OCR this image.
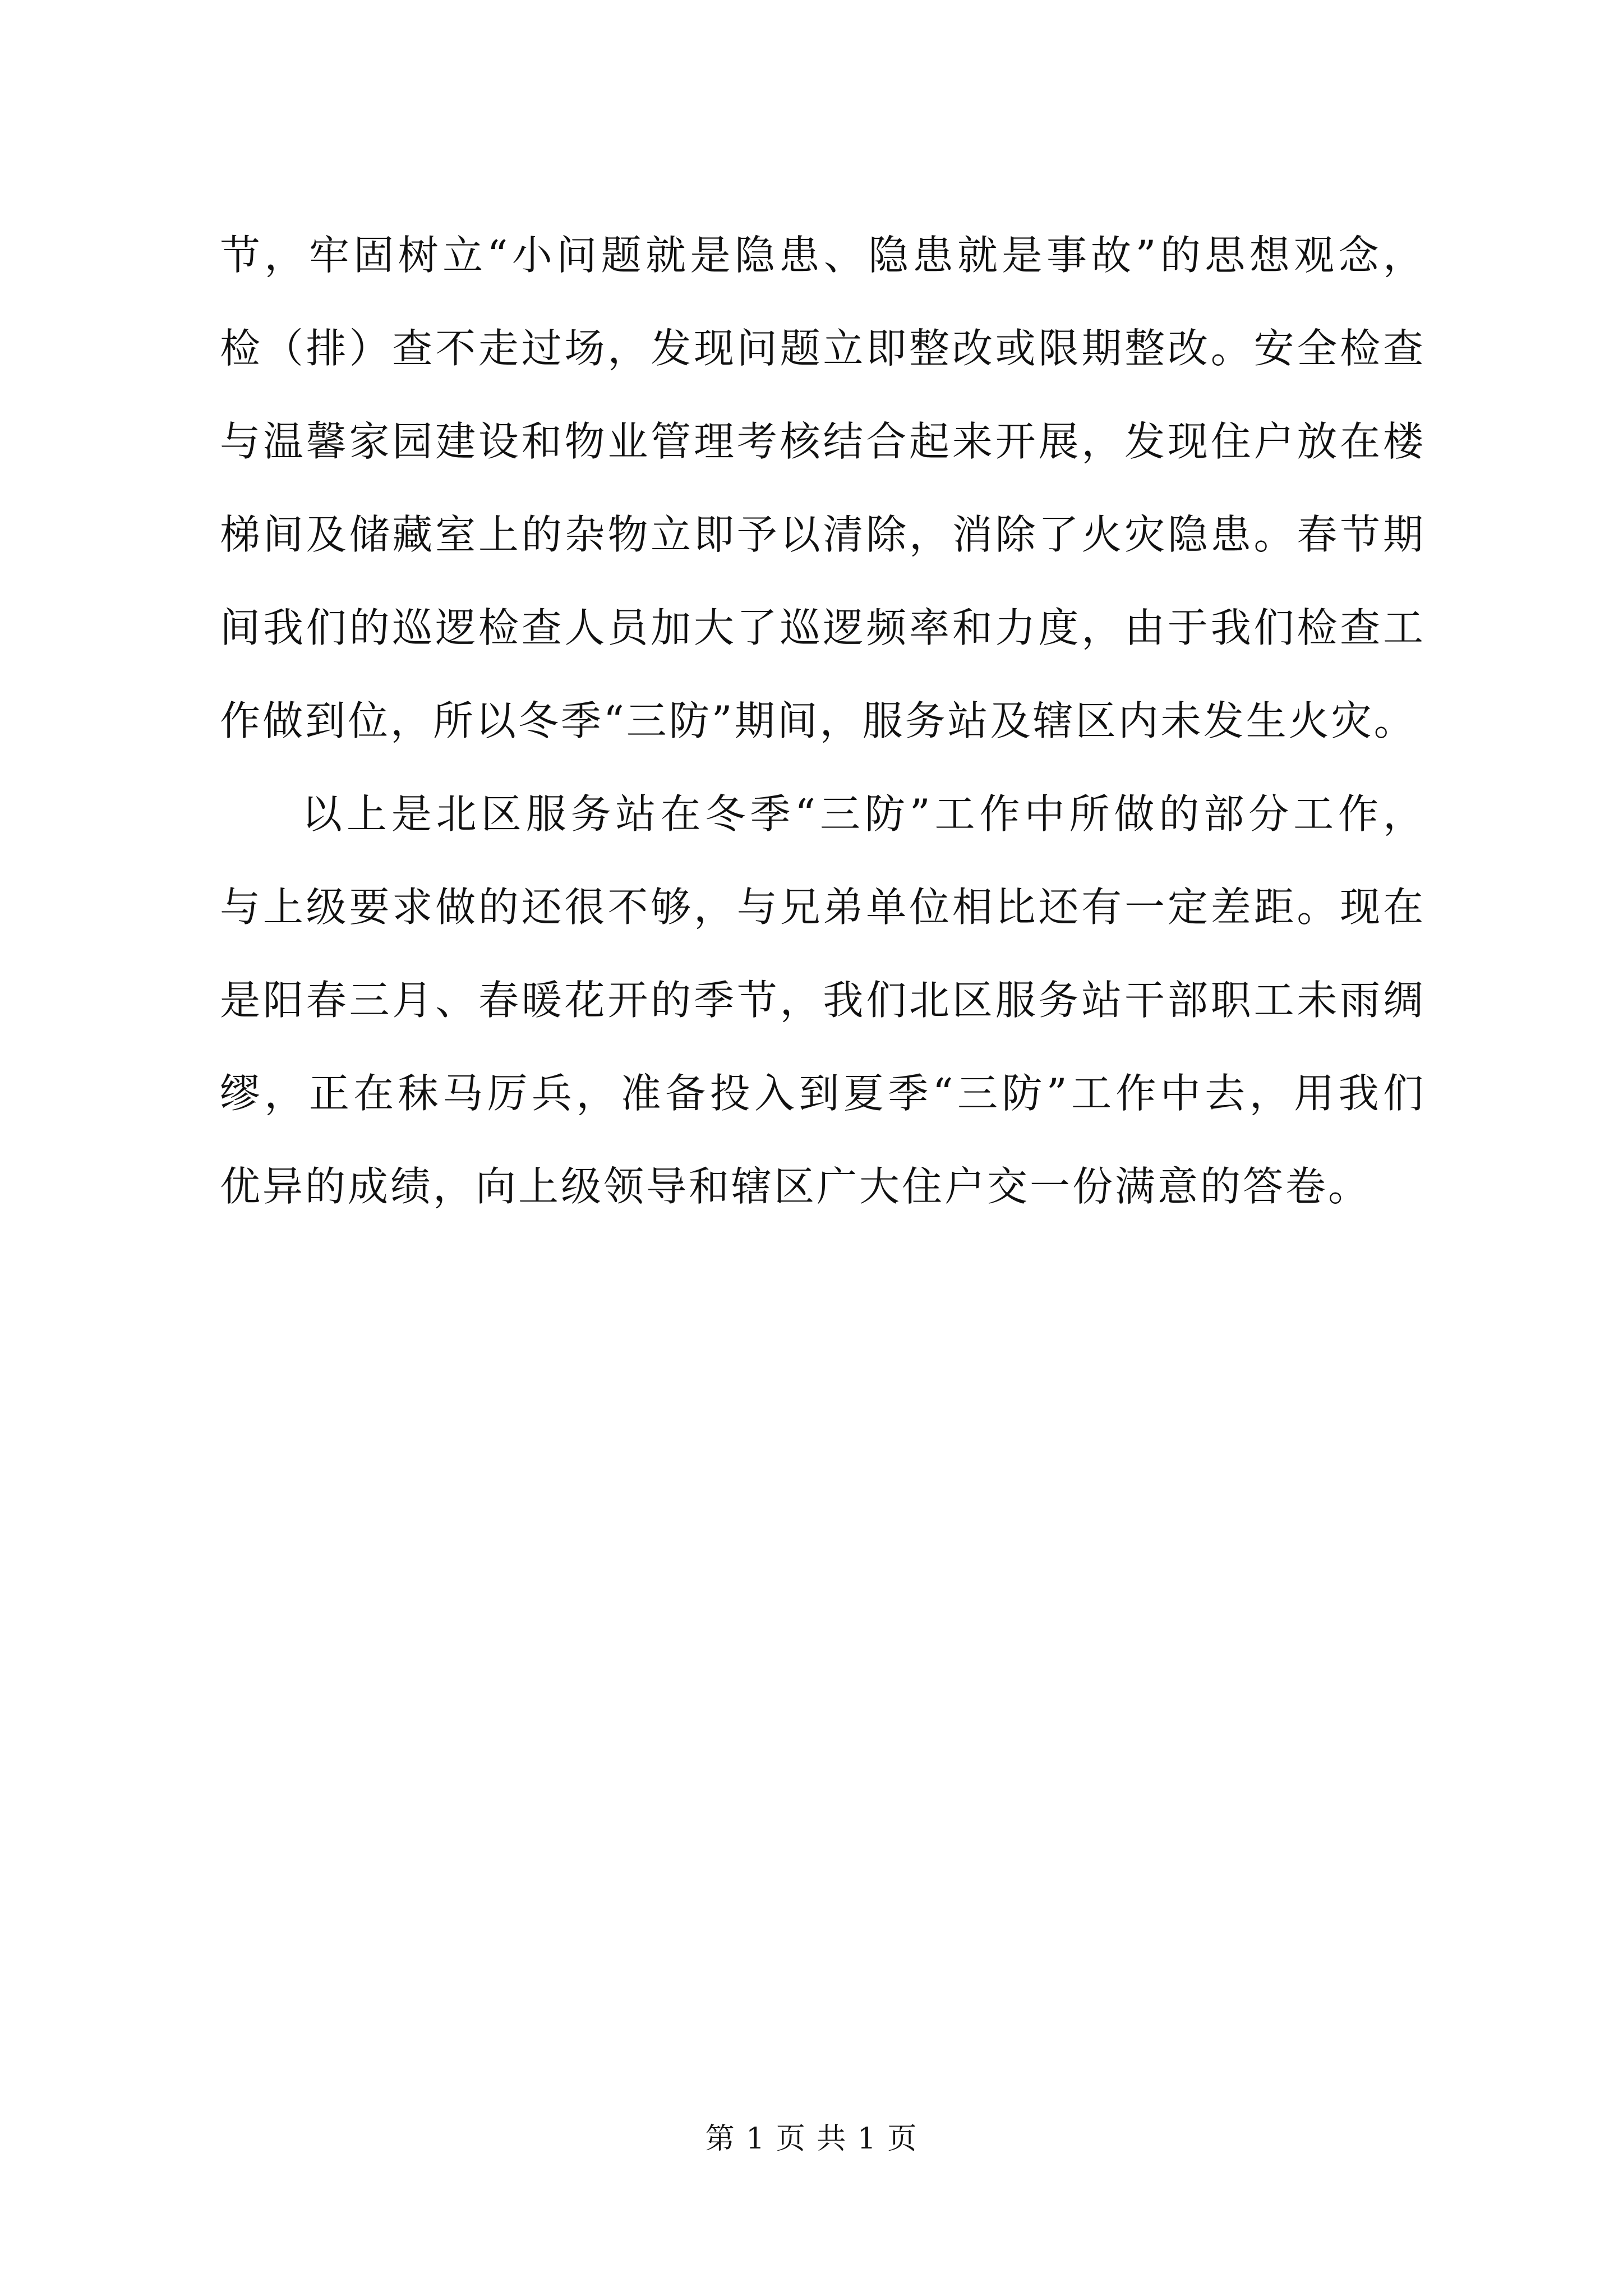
节，牢固树立“小问题就是隐患、隐患就是事故”的思想观念，
检（排）查不走过场，发现问题立即整改或限期整改。安全检查
与温馨家园建设和物业管理考核结合起来开展，发现住户放在楼
梯间及储藏室上的杂物立即予以清除，消除了火灾隐患。春节期
间我们的巡逻检查人员加大了巡逻频率和力度，由于我们检查工
作做到位，所以冬季“三防”期间，服务站及辖区内未发生火灾。
以上是北区服务站在冬季“三防”工作中所做的部分工作，
与上级要求做的还很不够，与兄弟单位相比还有一定差距。现在
是阳春三月、春暖花开的季节，我们北区服务站干部职工未雨绸
缪，正在秣马厉兵，准备投入到夏季“三防”工作中去，用我们
优异的成绩，向上级领导和辖区广大住户交一份满意的答卷。
第 1 页 共 1 页
